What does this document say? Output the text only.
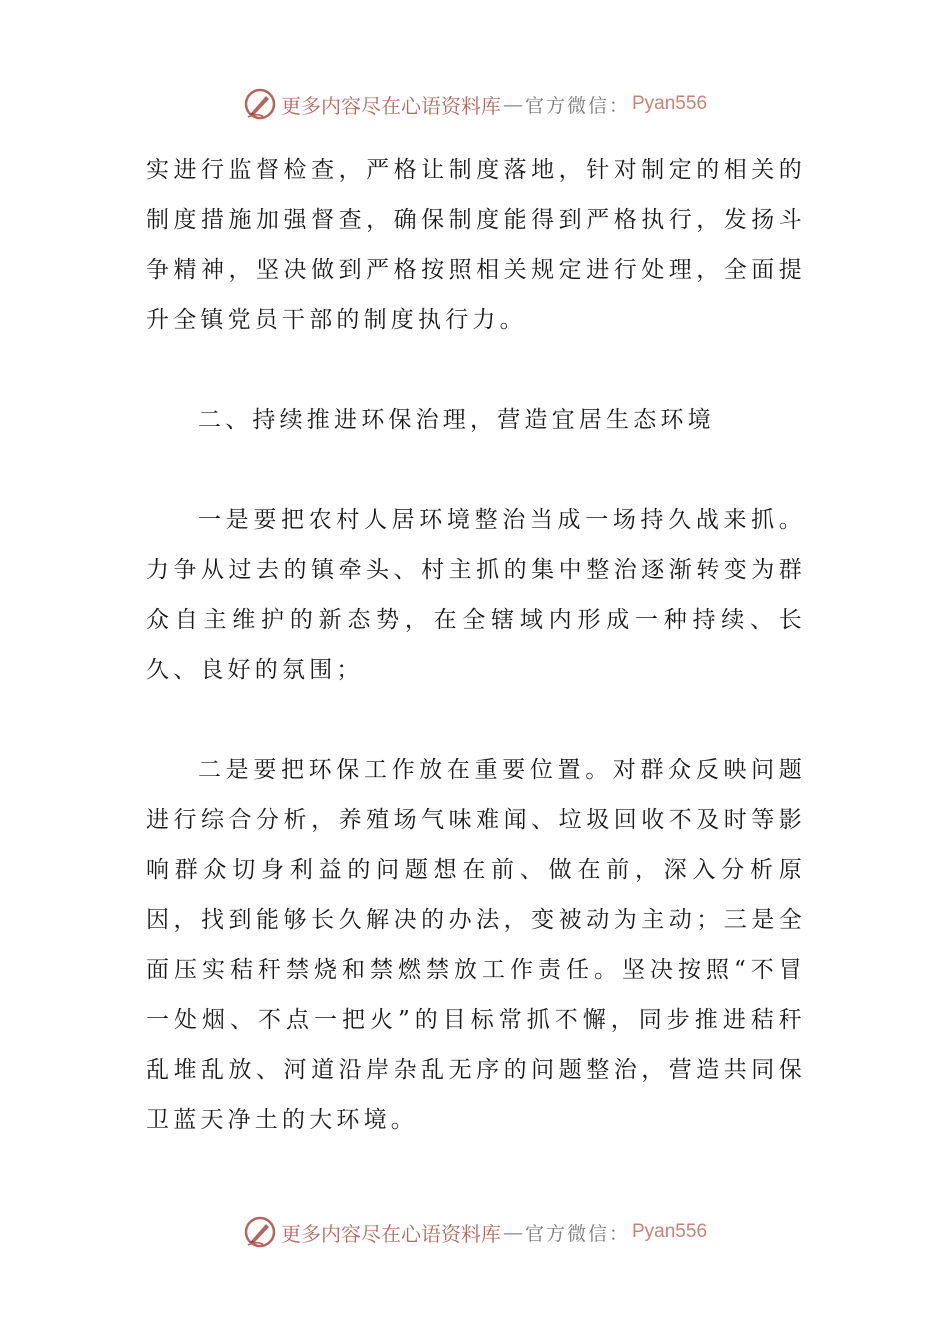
更多内容尽在心语资料库 — 官方微信： Pyan556

实进行监督检查，严格让制度落地，针对制定的相关的制度措施加强督查，确保制度能得到严格执行，发扬斗争精神，坚决做到严格按照相关规定进行处理，全面提升全镇党员干部的制度执行力。

二、持续推进环保治理，营造宜居生态环境

一是要把农村人居环境整治当成一场持久战来抓。力争从过去的镇牵头、村主抓的集中整治逐渐转变为群众自主维护的新态势，在全辖域内形成一种持续、长久、良好的氛围；

二是要把环保工作放在重要位置。对群众反映问题进行综合分析，养殖场气味难闻、垃圾回收不及时等影响群众切身利益的问题想在前、做在前，深入分析原因，找到能够长久解决的办法，变被动为主动；三是全面压实秸秆禁烧和禁燃禁放工作责任。坚决按照“不冒一处烟、不点一把火”的目标常抓不懈，同步推进秸秆乱堆乱放、河道沿岸杂乱无序的问题整治，营造共同保卫蓝天净土的大环境。

更多内容尽在心语资料库 — 官方微信： Pyan556
